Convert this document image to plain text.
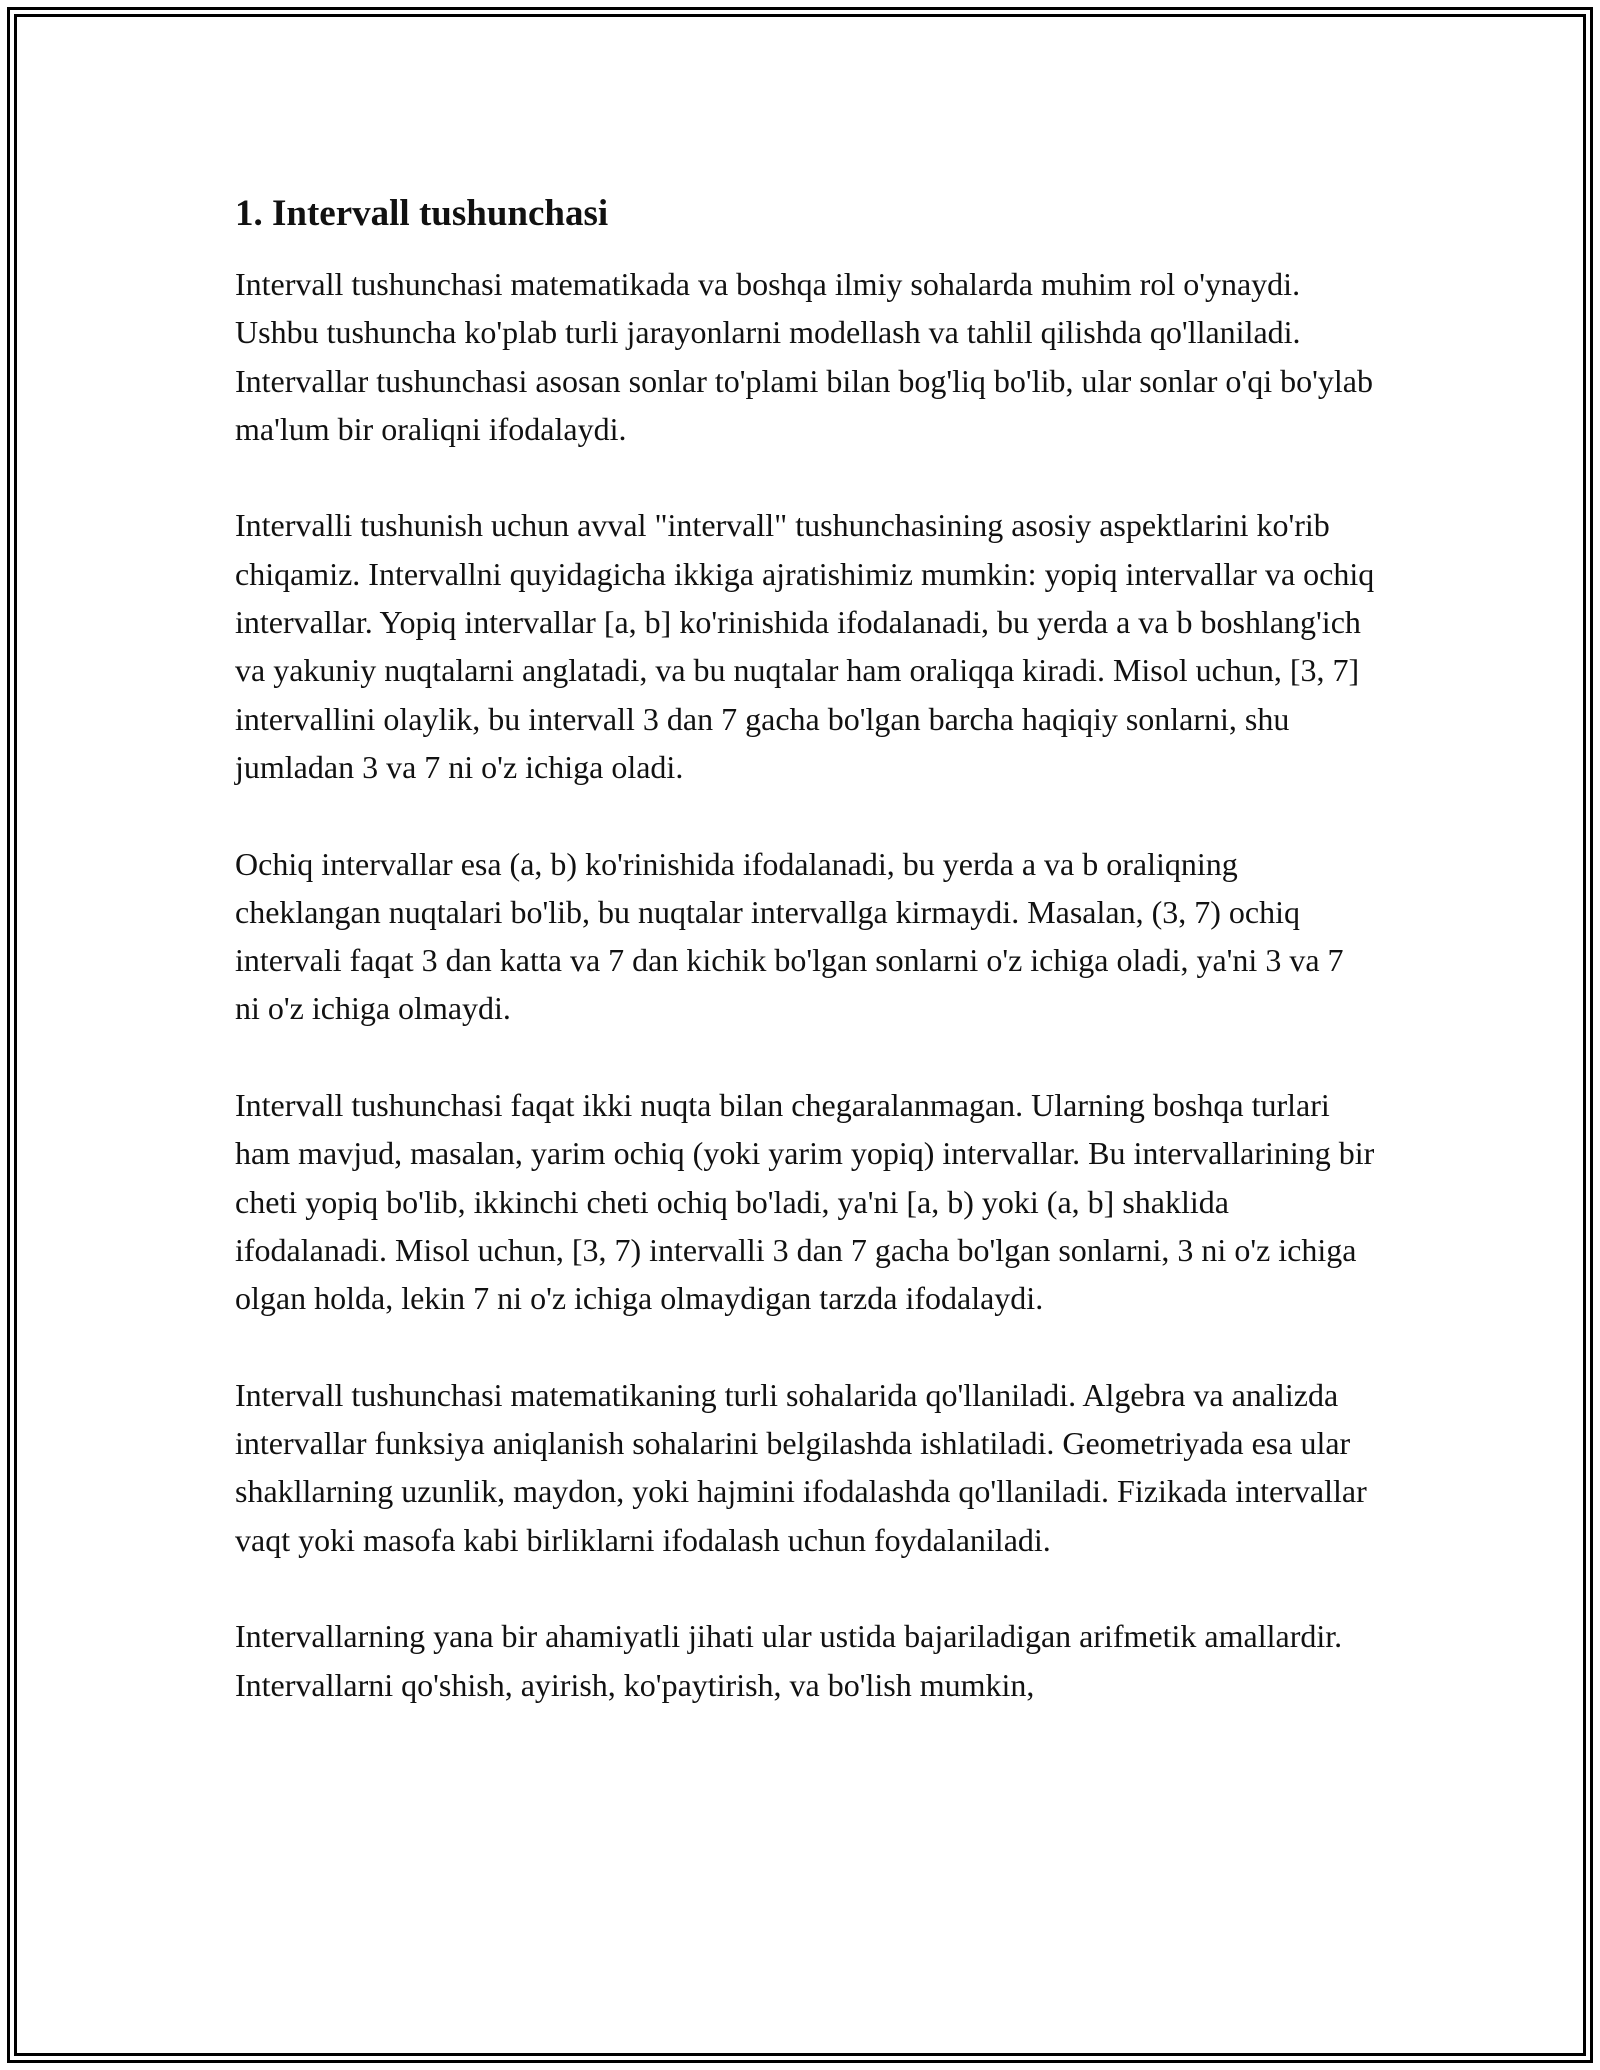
1. Intervall tushunchasi

Intervall tushunchasi matematikada va boshqa ilmiy sohalarda muhim rol o'ynaydi. Ushbu tushuncha ko'plab turli jarayonlarni modellash va tahlil qilishda qo'llaniladi. Intervallar tushunchasi asosan sonlar to'plami bilan bog'liq bo'lib, ular sonlar o'qi bo'ylab ma'lum bir oraliqni ifodalaydi.

Intervalli tushunish uchun avval "intervall" tushunchasining asosiy aspektlarini ko'rib chiqamiz. Intervallni quyidagicha ikkiga ajratishimiz mumkin: yopiq intervallar va ochiq intervallar. Yopiq intervallar [a, b] ko'rinishida ifodalanadi, bu yerda a va b boshlang'ich va yakuniy nuqtalarni anglatadi, va bu nuqtalar ham oraliqqa kiradi. Misol uchun, [3, 7] intervallini olaylik, bu intervall 3 dan 7 gacha bo'lgan barcha haqiqiy sonlarni, shu jumladan 3 va 7 ni o'z ichiga oladi.

Ochiq intervallar esa (a, b) ko'rinishida ifodalanadi, bu yerda a va b oraliqning cheklangan nuqtalari bo'lib, bu nuqtalar intervallga kirmaydi. Masalan, (3, 7) ochiq intervali faqat 3 dan katta va 7 dan kichik bo'lgan sonlarni o'z ichiga oladi, ya'ni 3 va 7 ni o'z ichiga olmaydi.

Intervall tushunchasi faqat ikki nuqta bilan chegaralanmagan. Ularning boshqa turlari ham mavjud, masalan, yarim ochiq (yoki yarim yopiq) intervallar. Bu intervallarining bir cheti yopiq bo'lib, ikkinchi cheti ochiq bo'ladi, ya'ni [a, b) yoki (a, b] shaklida ifodalanadi. Misol uchun, [3, 7) intervalli 3 dan 7 gacha bo'lgan sonlarni, 3 ni o'z ichiga olgan holda, lekin 7 ni o'z ichiga olmaydigan tarzda ifodalaydi.

Intervall tushunchasi matematikaning turli sohalarida qo'llaniladi. Algebra va analizda intervallar funksiya aniqlanish sohalarini belgilashda ishlatiladi. Geometriyada esa ular shakllarning uzunlik, maydon, yoki hajmini ifodalashda qo'llaniladi. Fizikada intervallar vaqt yoki masofa kabi birliklarni ifodalash uchun foydalaniladi.

Intervallarning yana bir ahamiyatli jihati ular ustida bajariladigan arifmetik amallardir. Intervallarni qo'shish, ayirish, ko'paytirish, va bo'lish mumkin,
